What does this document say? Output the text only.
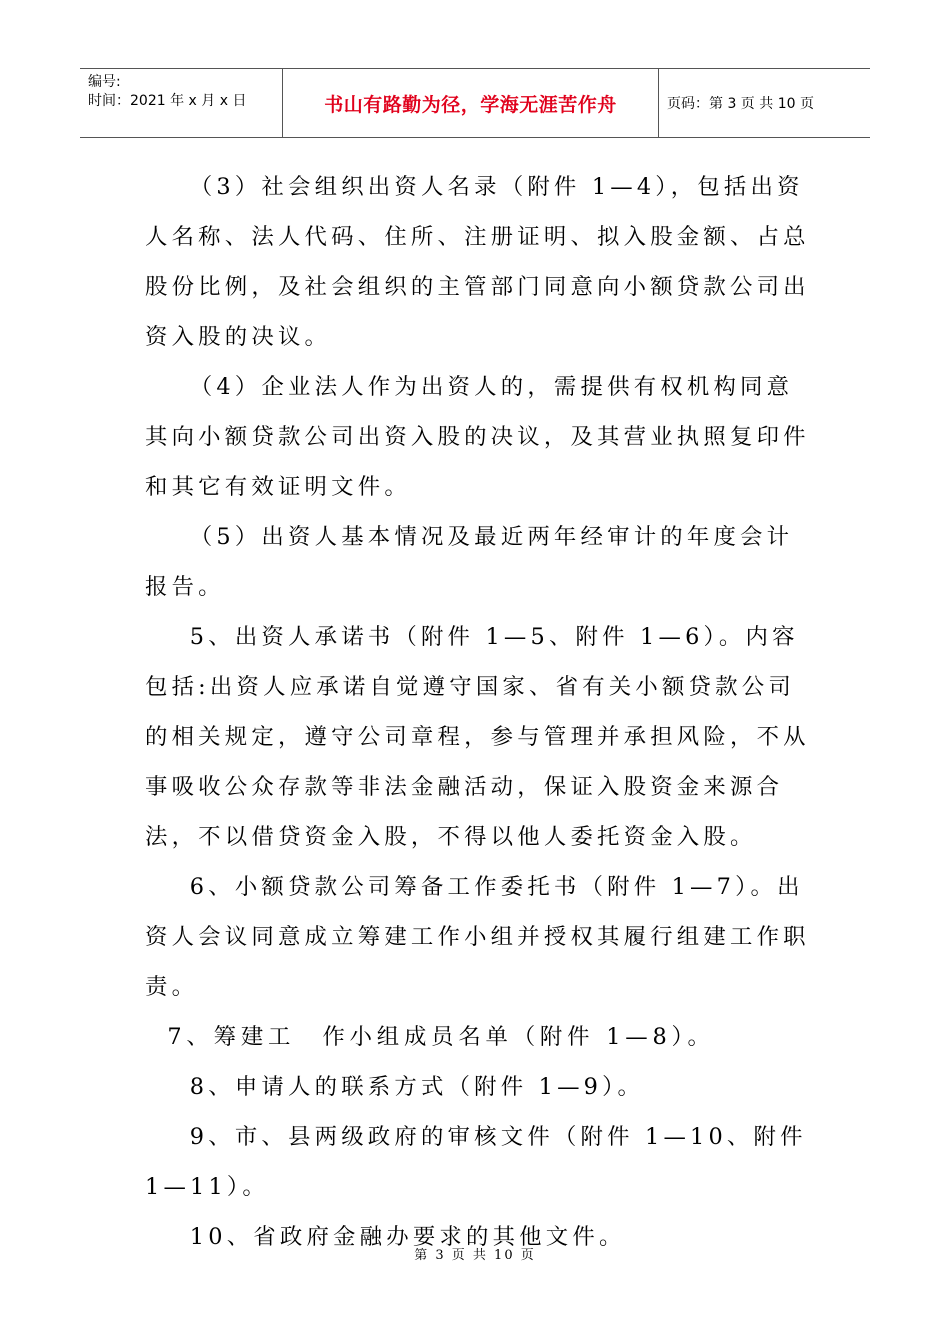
编号:
时间：2021 年 x 月 x 日	书山有路勤为径，学海无涯苦作舟	页码：第 3 页 共 10 页

（3）社会组织出资人名录（附件 1—4），包括出资人名称、法人代码、住所、注册证明、拟入股金额、占总股份比例，及社会组织的主管部门同意向小额贷款公司出资入股的决议。

（4）企业法人作为出资人的，需提供有权机构同意其向小额贷款公司出资入股的决议，及其营业执照复印件和其它有效证明文件。

（5）出资人基本情况及最近两年经审计的年度会计报告。

5、出资人承诺书（附件 1—5、附件 1—6）。内容包括:出资人应承诺自觉遵守国家、省有关小额贷款公司的相关规定，遵守公司章程，参与管理并承担风险，不从事吸收公众存款等非法金融活动，保证入股资金来源合法，不以借贷资金入股，不得以他人委托资金入股。

6、小额贷款公司筹备工作委托书（附件 1—7）。出资人会议同意成立筹建工作小组并授权其履行组建工作职责。

7、筹建工　作小组成员名单（附件 1—8）。

8、申请人的联系方式（附件 1—9）。

9、市、县两级政府的审核文件（附件 1—10、附件 1—11）。

10、省政府金融办要求的其他文件。

第 3 页 共 10 页
